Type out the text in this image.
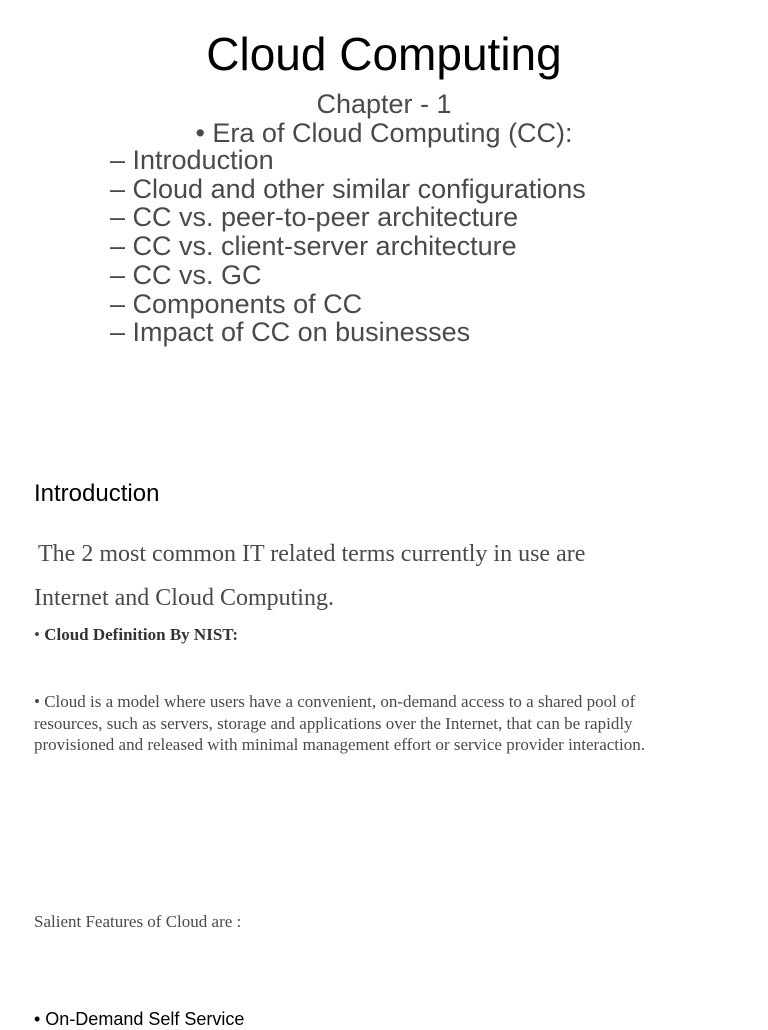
Cloud Computing
Chapter - 1
• Era of Cloud Computing (CC):
– Introduction
– Cloud and other similar configurations
– CC vs. peer-to-peer architecture
– CC vs. client-server architecture
– CC vs. GC
– Components of CC
– Impact of CC on businesses
Introduction
The 2 most common IT related terms currently in use are
Internet and Cloud Computing.
• Cloud Definition By NIST:
• Cloud is a model where users have a convenient, on-demand access to a shared pool of
resources, such as servers, storage and applications over the Internet, that can be rapidly
provisioned and released with minimal management effort or service provider interaction.
Salient Features of Cloud are :
• On-Demand Self Service
